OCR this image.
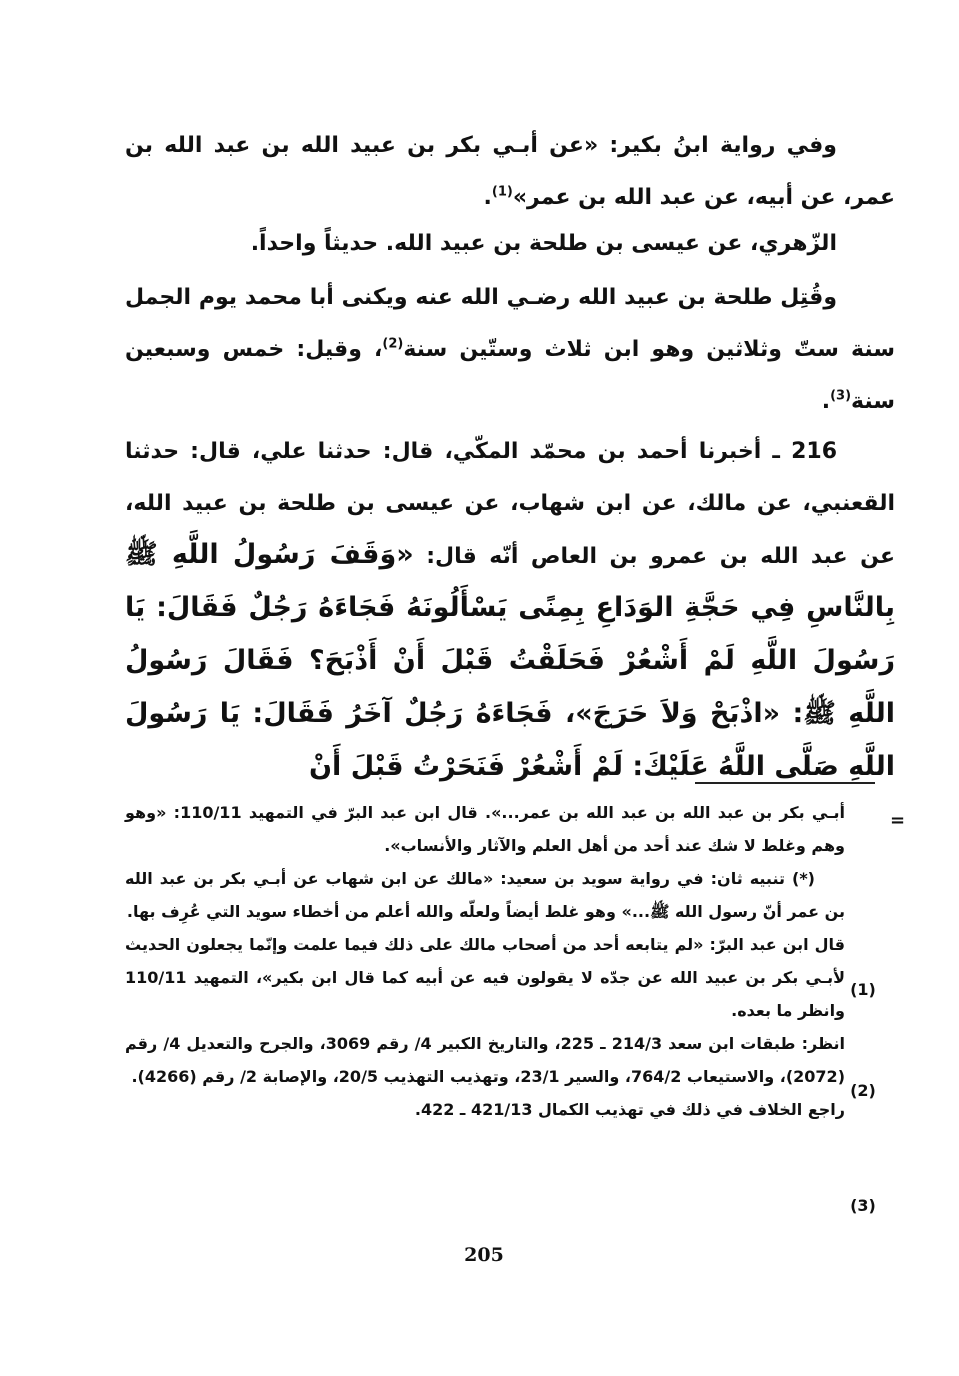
وفي رواية ابنُ بكير: «عن أبـي بكر بن عبيد الله بن عبد الله بن عمر، عن أبيه، عن عبد الله بن عمر»$^{(1)}$.

الزّهري، عن عيسى بن طلحة بن عبيد الله. حديثاً واحداً.

وقُتِل طلحة بن عبيد الله رضـي الله عنه ويكنى أبا محمد يوم الجمل سنة ستّ وثلاثين وهو ابن ثلاث وستّين سنة$^{(2)}$، وقيل: خمس وسبعين سنة$^{(3)}$.

216 ـ أخبرنا أحمد بن محمّد المكّي، قال: حدثنا علي، قال: حدثنا القعنبي، عن مالك، عن ابن شهاب، عن عيسى بن طلحة بن عبيد الله، عن عبد الله بن عمرو بن العاص أنّه قال: «وَقَفَ رَسُولُ اللَّهِ ﷺ بِالنَّاسِ فِي حَجَّةِ الوَدَاعِ بِمِنًى يَسْأَلُونَهُ فَجَاءَهُ رَجُلٌ فَقَالَ: يَا رَسُولَ اللَّهِ لَمْ أَشْعُرْ فَحَلَقْتُ قَبْلَ أَنْ أَذْبَحَ؟ فَقَالَ رَسُولُ اللَّهِ ﷺ: «اذْبَحْ وَلاَ حَرَجَ»، فَجَاءَهُ رَجُلٌ آخَرُ فَقَالَ: يَا رَسُولَ اللَّهِ صَلَّى اللَّهُ عَلَيْكَ: لَمْ أَشْعُرْ فَنَحَرْتُ قَبْلَ أَنْ

=

أبـي بكر بن عبد الله بن عبد الله بن عمر...». قال ابن عبد البرّ في التمهيد 110/11: «وهو وهم وغلط لا شك عند أحد من أهل العلم والآثار والأنساب».

(*) تنبيه ثان: في رواية سويد بن سعيد: «مالك عن ابن شهاب عن أبـي بكر بن عبد الله بن عمر أنّ رسول الله ﷺ...» وهو غلط أيضاً ولعلّه والله أعلم من أخطاء سويد التي عُرِف بها.

قال ابن عبد البرّ: «لم يتابعه أحد من أصحاب مالك على ذلك فيما علمت وإنّما يجعلون الحديث لأبـي بكر بن عبيد الله عن جدّه لا يقولون فيه عن أبيه كما قال ابن بكير»، التمهيد 110/11 وانظر ما بعده.

انظر: طبقات ابن سعد 214/3 ـ 225، والتاريخ الكبير 4/ رقم 3069، والجرح والتعديل 4/ رقم (2072)، والاستيعاب 764/2، والسير 23/1، وتهذيب التهذيب 20/5، والإصابة 2/ رقم (4266).

راجع الخلاف في ذلك في تهذيب الكمال 421/13 ـ 422.

(1)
(2)
(3)
205
